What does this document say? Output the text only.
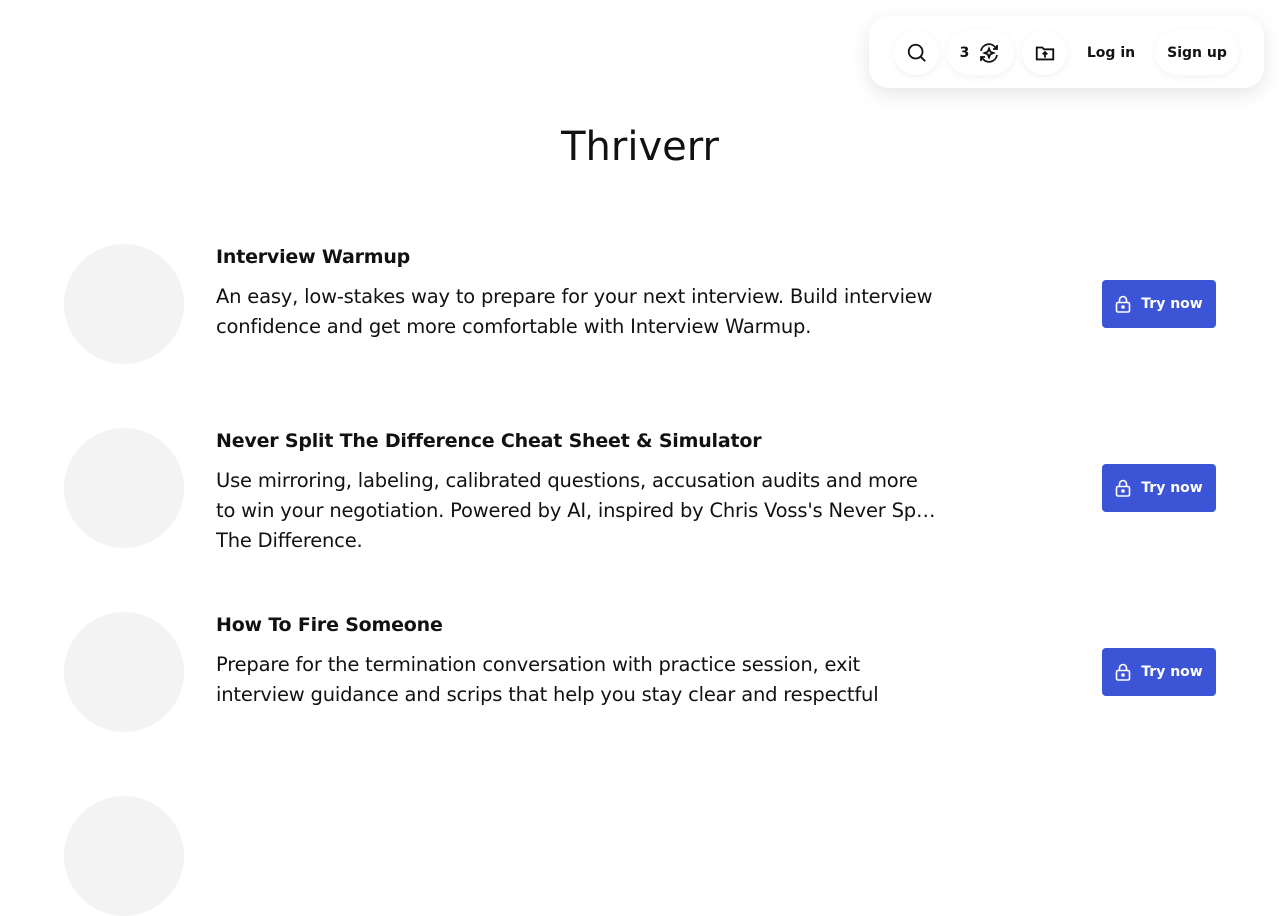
3	Log in	Sign up
Thriverr
Interview Warmup
An easy, low-stakes way to prepare for your next interview. Build interview confidence and get more comfortable with Interview Warmup.
Try now
Never Split The Difference Cheat Sheet & Simulator
Use mirroring, labeling, calibrated questions, accusation audits and more to win your negotiation. Powered by AI, inspired by Chris Voss's Never Split The Difference.
Try now
How To Fire Someone
Prepare for the termination conversation with practice session, exit interview guidance and scrips that help you stay clear and respectful
Try now
